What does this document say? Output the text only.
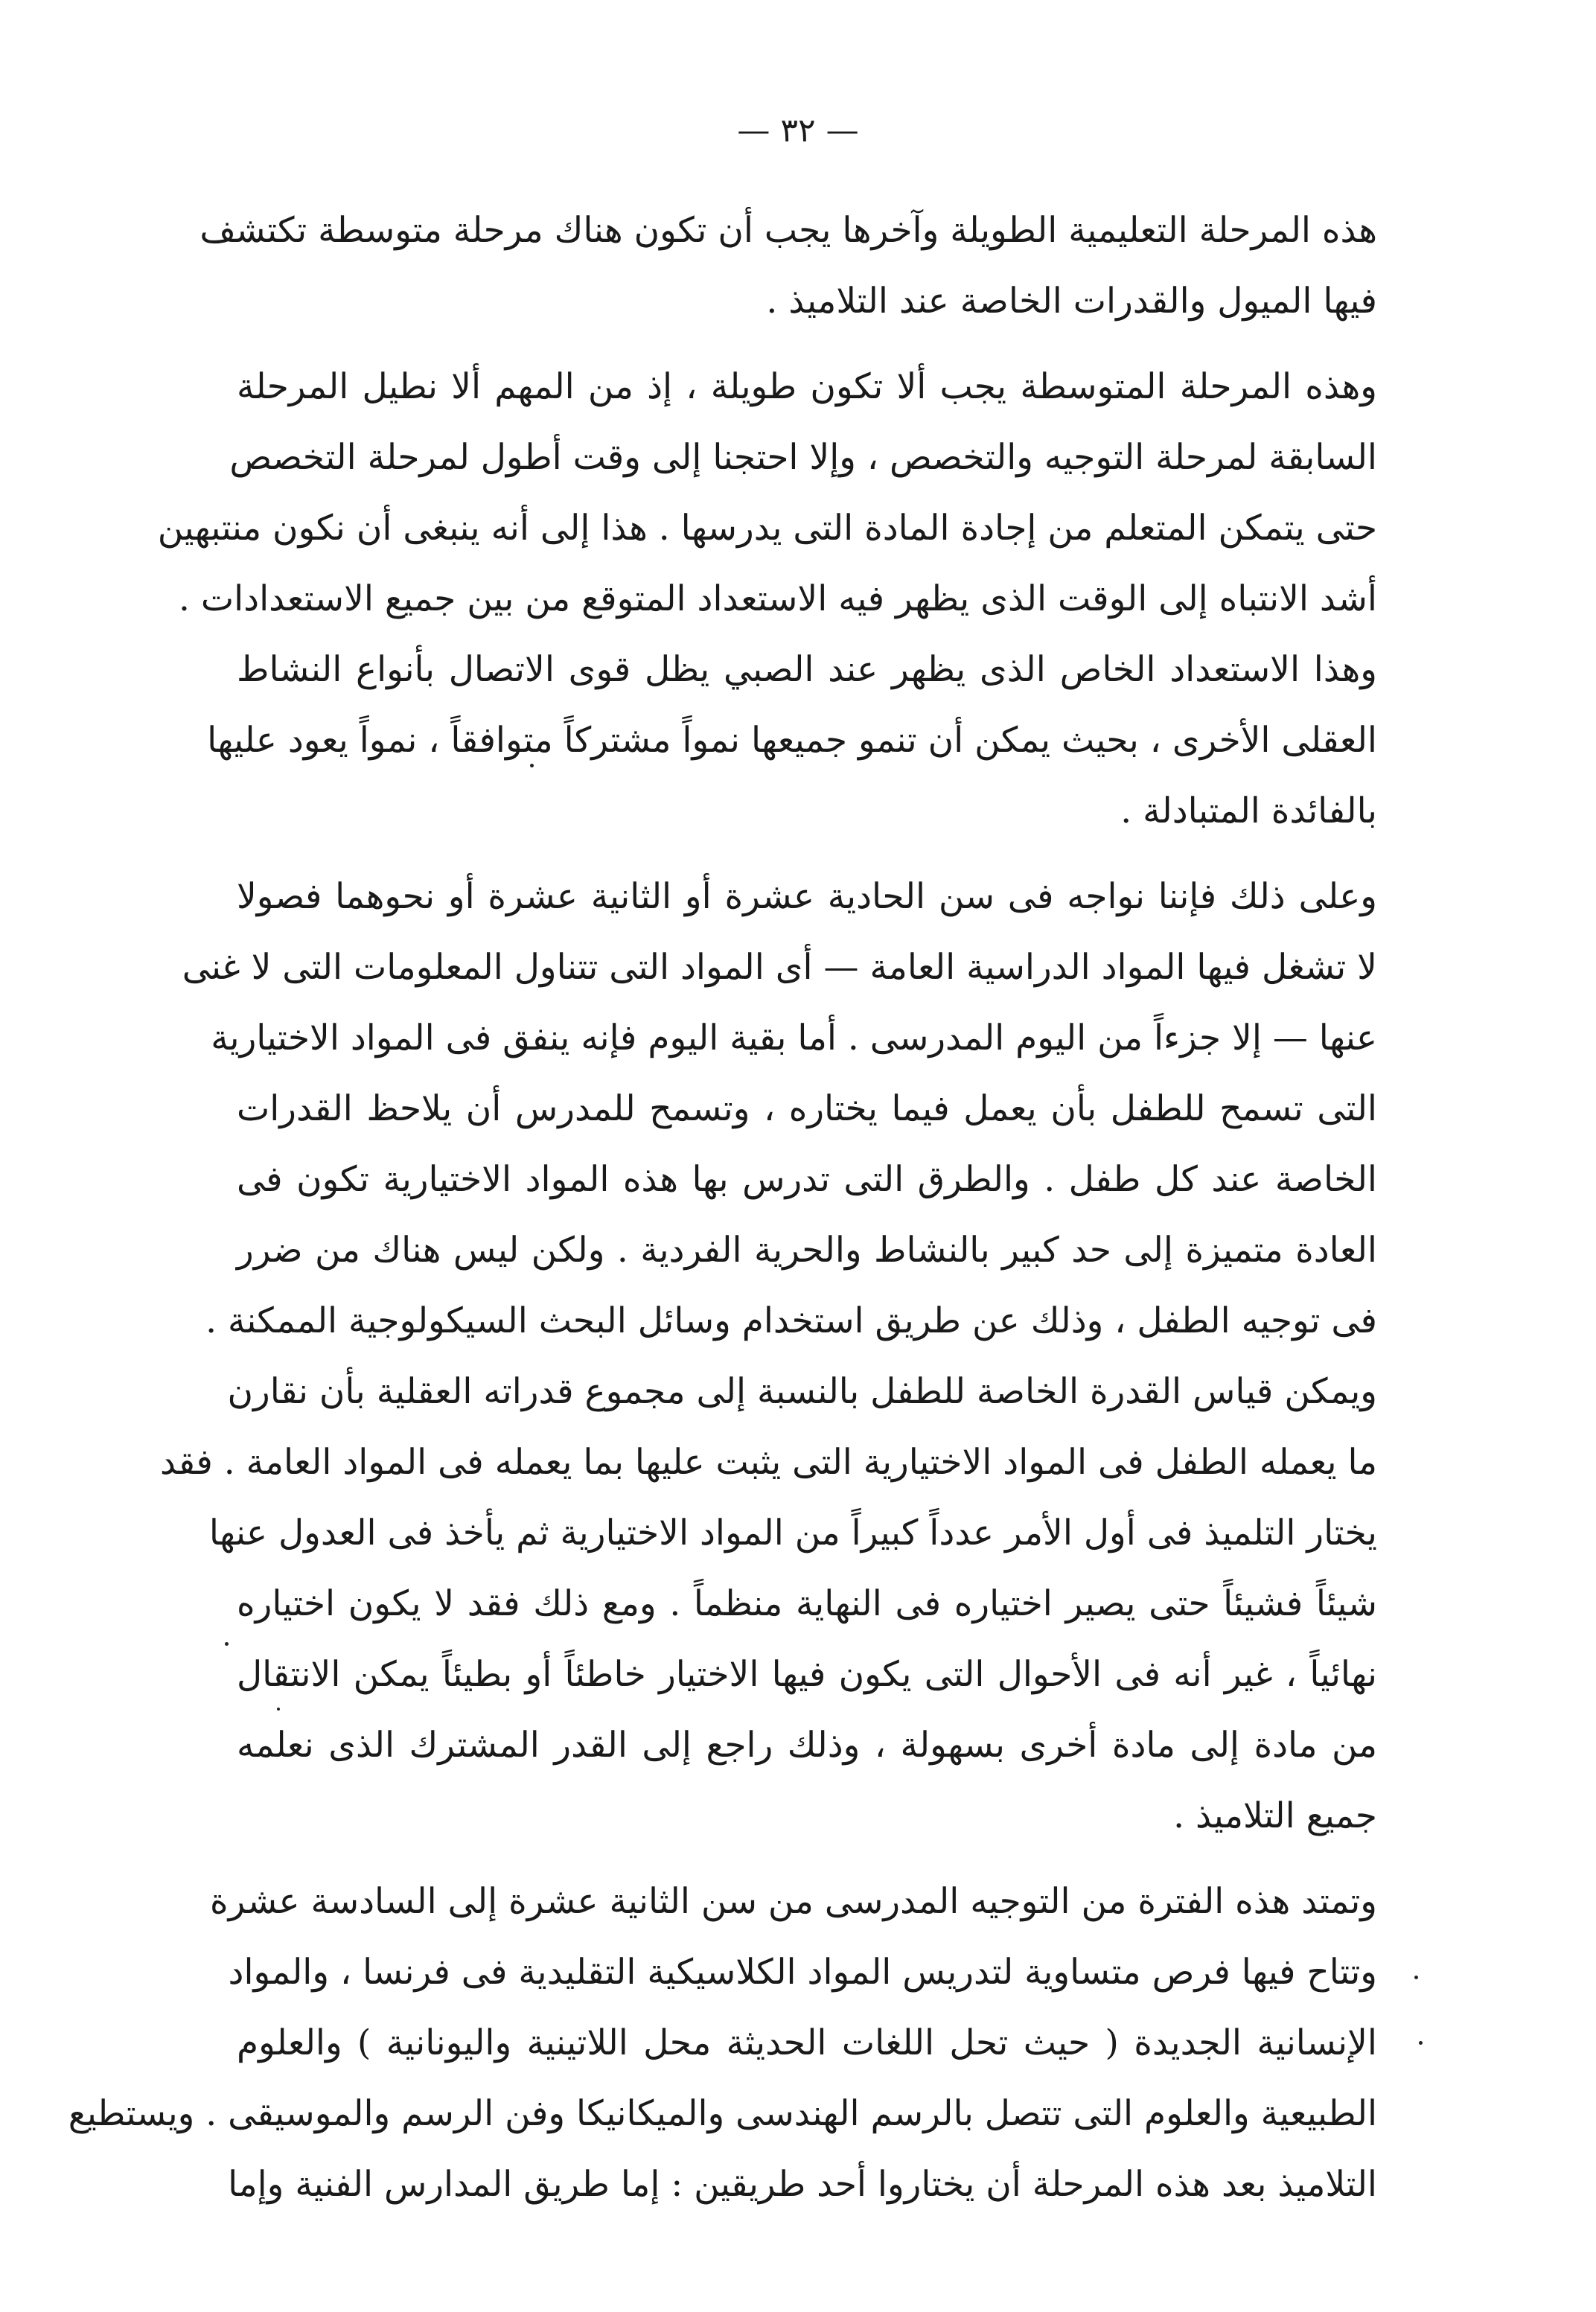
— ٣٢ —
هذه المرحلة التعليمية الطويلة وآخرها يجب أن تكون هناك مرحلة متوسطة تكتشف
فيها الميول والقدرات الخاصة عند التلاميذ .
وهذه المرحلة المتوسطة يجب ألا تكون طويلة ، إذ من المهم ألا نطيل المرحلة
السابقة لمرحلة التوجيه والتخصص ، وإلا احتجنا إلى وقت أطول لمرحلة التخصص
حتى يتمكن المتعلم من إجادة المادة التى يدرسها . هذا إلى أنه ينبغى أن نكون منتبهين
أشد الانتباه إلى الوقت الذى يظهر فيه الاستعداد المتوقع من بين جميع الاستعدادات .
وهذا الاستعداد الخاص الذى يظهر عند الصبي يظل قوى الاتصال بأنواع النشاط
العقلى الأخرى ، بحيث يمكن أن تنمو جميعها نمواً مشتركاً متوافقاً ، نمواً يعود عليها
بالفائدة المتبادلة .
وعلى ذلك فإننا نواجه فى سن الحادية عشرة أو الثانية عشرة أو نحوهما فصولا
لا تشغل فيها المواد الدراسية العامة — أى المواد التى تتناول المعلومات التى لا غنى
عنها — إلا جزءاً من اليوم المدرسى . أما بقية اليوم فإنه ينفق فى المواد الاختيارية
التى تسمح للطفل بأن يعمل فيما يختاره ، وتسمح للمدرس أن يلاحظ القدرات
الخاصة عند كل طفل . والطرق التى تدرس بها هذه المواد الاختيارية تكون فى
العادة متميزة إلى حد كبير بالنشاط والحرية الفردية . ولكن ليس هناك من ضرر
فى توجيه الطفل ، وذلك عن طريق استخدام وسائل البحث السيكولوجية الممكنة .
ويمكن قياس القدرة الخاصة للطفل بالنسبة إلى مجموع قدراته العقلية بأن نقارن
ما يعمله الطفل فى المواد الاختيارية التى يثبت عليها بما يعمله فى المواد العامة . فقد
يختار التلميذ فى أول الأمر عدداً كبيراً من المواد الاختيارية ثم يأخذ فى العدول عنها
شيئاً فشيئاً حتى يصير اختياره فى النهاية منظماً . ومع ذلك فقد لا يكون اختياره
نهائياً ، غير أنه فى الأحوال التى يكون فيها الاختيار خاطئاً أو بطيئاً يمكن الانتقال
من مادة إلى مادة أخرى بسهولة ، وذلك راجع إلى القدر المشترك الذى نعلمه
جميع التلاميذ .
وتمتد هذه الفترة من التوجيه المدرسى من سن الثانية عشرة إلى السادسة عشرة
وتتاح فيها فرص متساوية لتدريس المواد الكلاسيكية التقليدية فى فرنسا ، والمواد
الإنسانية الجديدة ( حيث تحل اللغات الحديثة محل اللاتينية واليونانية ) والعلوم
الطبيعية والعلوم التى تتصل بالرسم الهندسى والميكانيكا وفن الرسم والموسيقى . ويستطيع
التلاميذ بعد هذه المرحلة أن يختاروا أحد طريقين : إما طريق المدارس الفنية وإما
